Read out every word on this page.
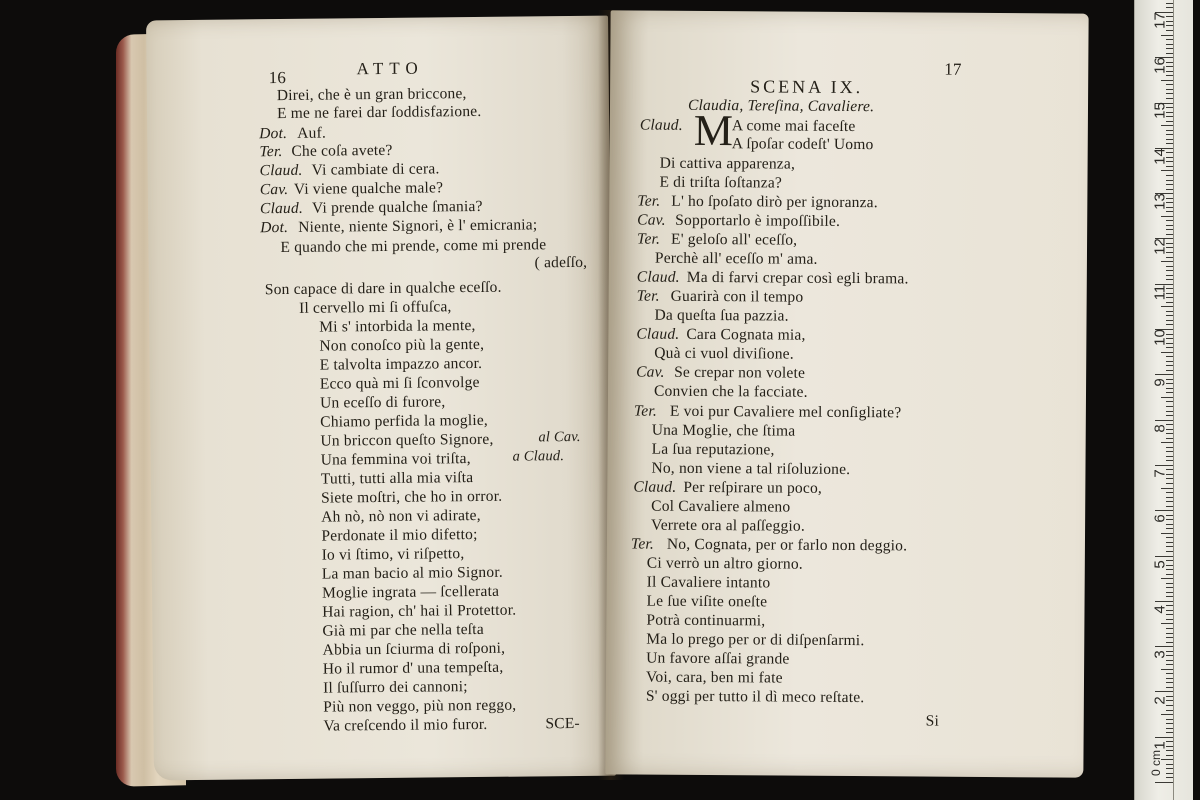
16	ATTO
Direi, che è un gran briccone,
E me ne farei dar ſoddisfazione.
Dot. Auf.
Ter. Che coſa avete?
Claud. Vi cambiate di cera.
Cav. Vi viene qualche male?
Claud. Vi prende qualche ſmania?
Dot. Niente, niente Signori, è l' emicrania;
E quando che mi prende, come mi prende
( adeſſo,
Son capace di dare in qualche eceſſo.
Il cervello mi ſi offuſca,
Mi s' intorbida la mente,
Non conoſco più la gente,
E talvolta impazzo ancor.
Ecco quà mi ſi ſconvolge
Un eceſſo di furore,
Chiamo perfida la moglie,
Un briccon queſto Signore,	al Cav.
Una femmina voi triſta,	a Claud.
Tutti, tutti alla mia viſta
Siete moſtri, che ho in orror.
Ah nò, nò non vi adirate,
Perdonate il mio difetto;
Io vi ſtimo, vi riſpetto,
La man bacio al mio Signor.
Moglie ingrata — ſcellerata
Hai ragion, ch' hai il Protettor.
Già mi par che nella teſta
Abbia un ſciurma di roſponi,
Ho il rumor d' una tempeſta,
Il ſuſſurro dei cannoni;
Più non veggo, più non reggo,
Va creſcendo il mio furor.	SCE-
17
SCENA IX.
Claudia, Tereſina, Cavaliere.
Claud. M
A come mai faceſte
A ſpoſar codeſt' Uomo
Di cattiva apparenza,
E di triſta ſoſtanza?
Ter. L' ho ſpoſato dirò per ignoranza.
Cav. Sopportarlo è impoſſibile.
Ter. E' geloſo all' eceſſo,
Perchè all' eceſſo m' ama.
Claud. Ma di farvi crepar così egli brama.
Ter. Guarirà con il tempo
Da queſta ſua pazzia.
Claud. Cara Cognata mia,
Quà ci vuol diviſione.
Cav. Se crepar non volete
Convien che la facciate.
Ter. E voi pur Cavaliere mel conſigliate?
Una Moglie, che ſtima
La ſua reputazione,
No, non viene a tal riſoluzione.
Claud. Per reſpirare un poco,
Col Cavaliere almeno
Verrete ora al paſſeggio.
Ter. No, Cognata, per or farlo non deggio.
Ci verrò un altro giorno.
Il Cavaliere intanto
Le ſue viſite oneſte
Potrà continuarmi,
Ma lo prego per or di diſpenſarmi.
Un favore aſſai grande
Voi, cara, ben mi fate
S' oggi per tutto il dì meco reſtate.
Si
17
16
15
14
13
12
11
10
9
8
7
6
5
4
3
2
1
0 cm
